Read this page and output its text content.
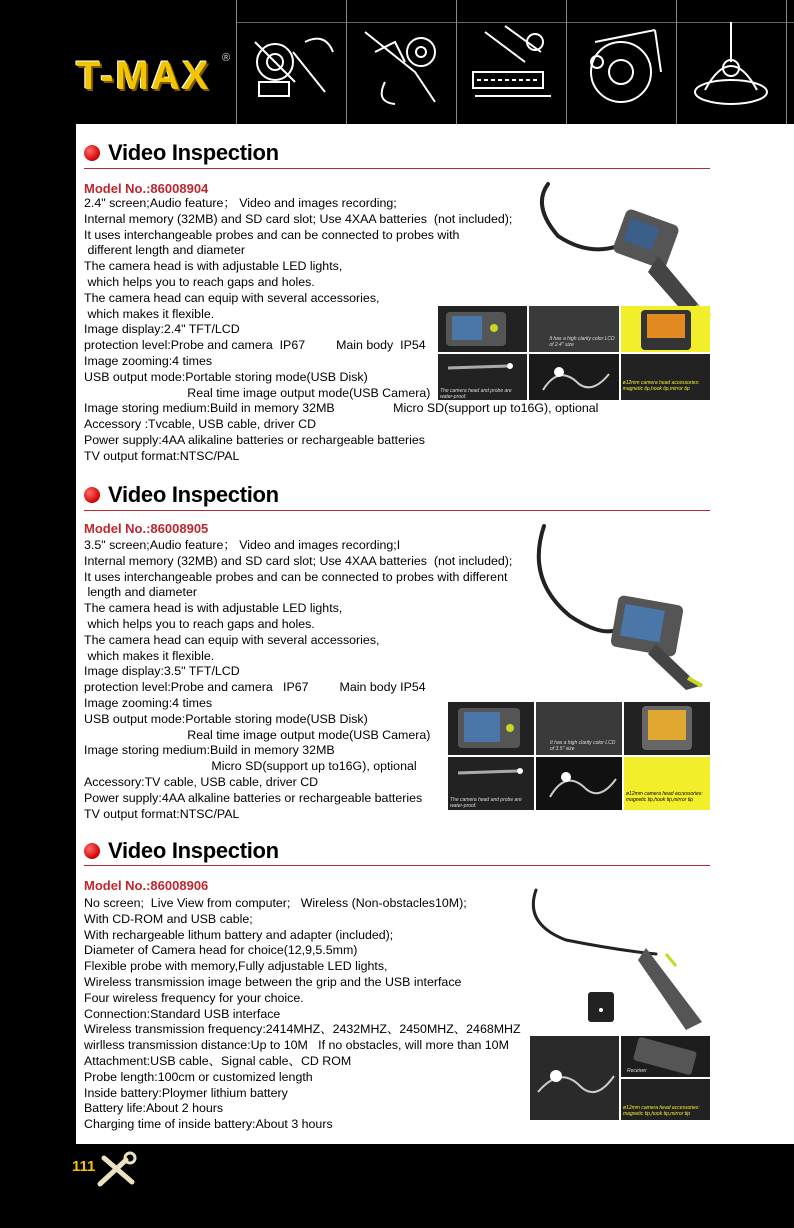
T-MAX ®
Video Inspection
Model No.:86008904
2.4" screen;Audio feature； Video and images recording;
Internal memory (32MB) and SD card slot; Use 4XAA batteries  (not included);
It uses interchangeable probes and can be connected to probes with
different length and diameter
The camera head is with adjustable LED lights,
which helps you to reach gaps and holes.
The camera head can equip with several accessories,
which makes it flexible.
Image display:2.4" TFT/LCD
protection level:Probe and camera  IP67         Main body  IP54
Image zooming:4 times
USB output mode:Portable storing mode(USB Disk)
Real time image output mode(USB Camera)
Image storing medium:Build in memory 32MB                 Micro SD(support up to16G), optional
Accessory :Tvcable, USB cable, driver CD
Power supply:4AA alikaline batteries or rechargeable batteries
TV output format:NTSC/PAL
It has a high clarity color LCD of 2.4" size
The camera head and probe are water-proof.
ø12mm camera head accessories: magnetic tip,hook tip,mirror tip
Video Inspection
Model No.:86008905
3.5" screen;Audio feature； Video and images recording;I
Internal memory (32MB) and SD card slot; Use 4XAA batteries  (not included);
It uses interchangeable probes and can be connected to probes with different
length and diameter
The camera head is with adjustable LED lights,
which helps you to reach gaps and holes.
The camera head can equip with several accessories,
which makes it flexible.
Image display:3.5" TFT/LCD
protection level:Probe and camera   IP67         Main body IP54
Image zooming:4 times
USB output mode:Portable storing mode(USB Disk)
Real time image output mode(USB Camera)
Image storing medium:Build in memory 32MB
Micro SD(support up to16G), optional
Accessory:TV cable, USB cable, driver CD
Power supply:4AA alkaline batteries or rechargeable batteries
TV output format:NTSC/PAL
It has a high clarity color LCD of 3.5" size
The camera head and probe are water-proof.
ø12mm camera head accessories: magnetic tip,hook tip,mirror tip
Video Inspection
Model No.:86008906
No screen;  Live View from computer;   Wireless (Non-obstacles10M);
With CD-ROM and USB cable;
With rechargeable lithum battery and adapter (included);
Diameter of Camera head for choice(12,9,5.5mm)
Flexible probe with memory,Fully adjustable LED lights,
Wireless transmission image between the grip and the USB interface
Four wireless frequency for your choice.
Connection:Standard USB interface
Wireless transmission frequency:2414MHZ、2432MHZ、2450MHZ、2468MHZ
wirlless transmission distance:Up to 10M   If no obstacles, will more than 10M
Attachment:USB cable、Signal cable、CD ROM
Probe length:100cm or customized length
Inside battery:Ploymer lithium battery
Battery life:About 2 hours
Charging time of inside battery:About 3 hours
Receiver
ø12mm camera head accessories: magnetic tip,hook tip,mirror tip
111
